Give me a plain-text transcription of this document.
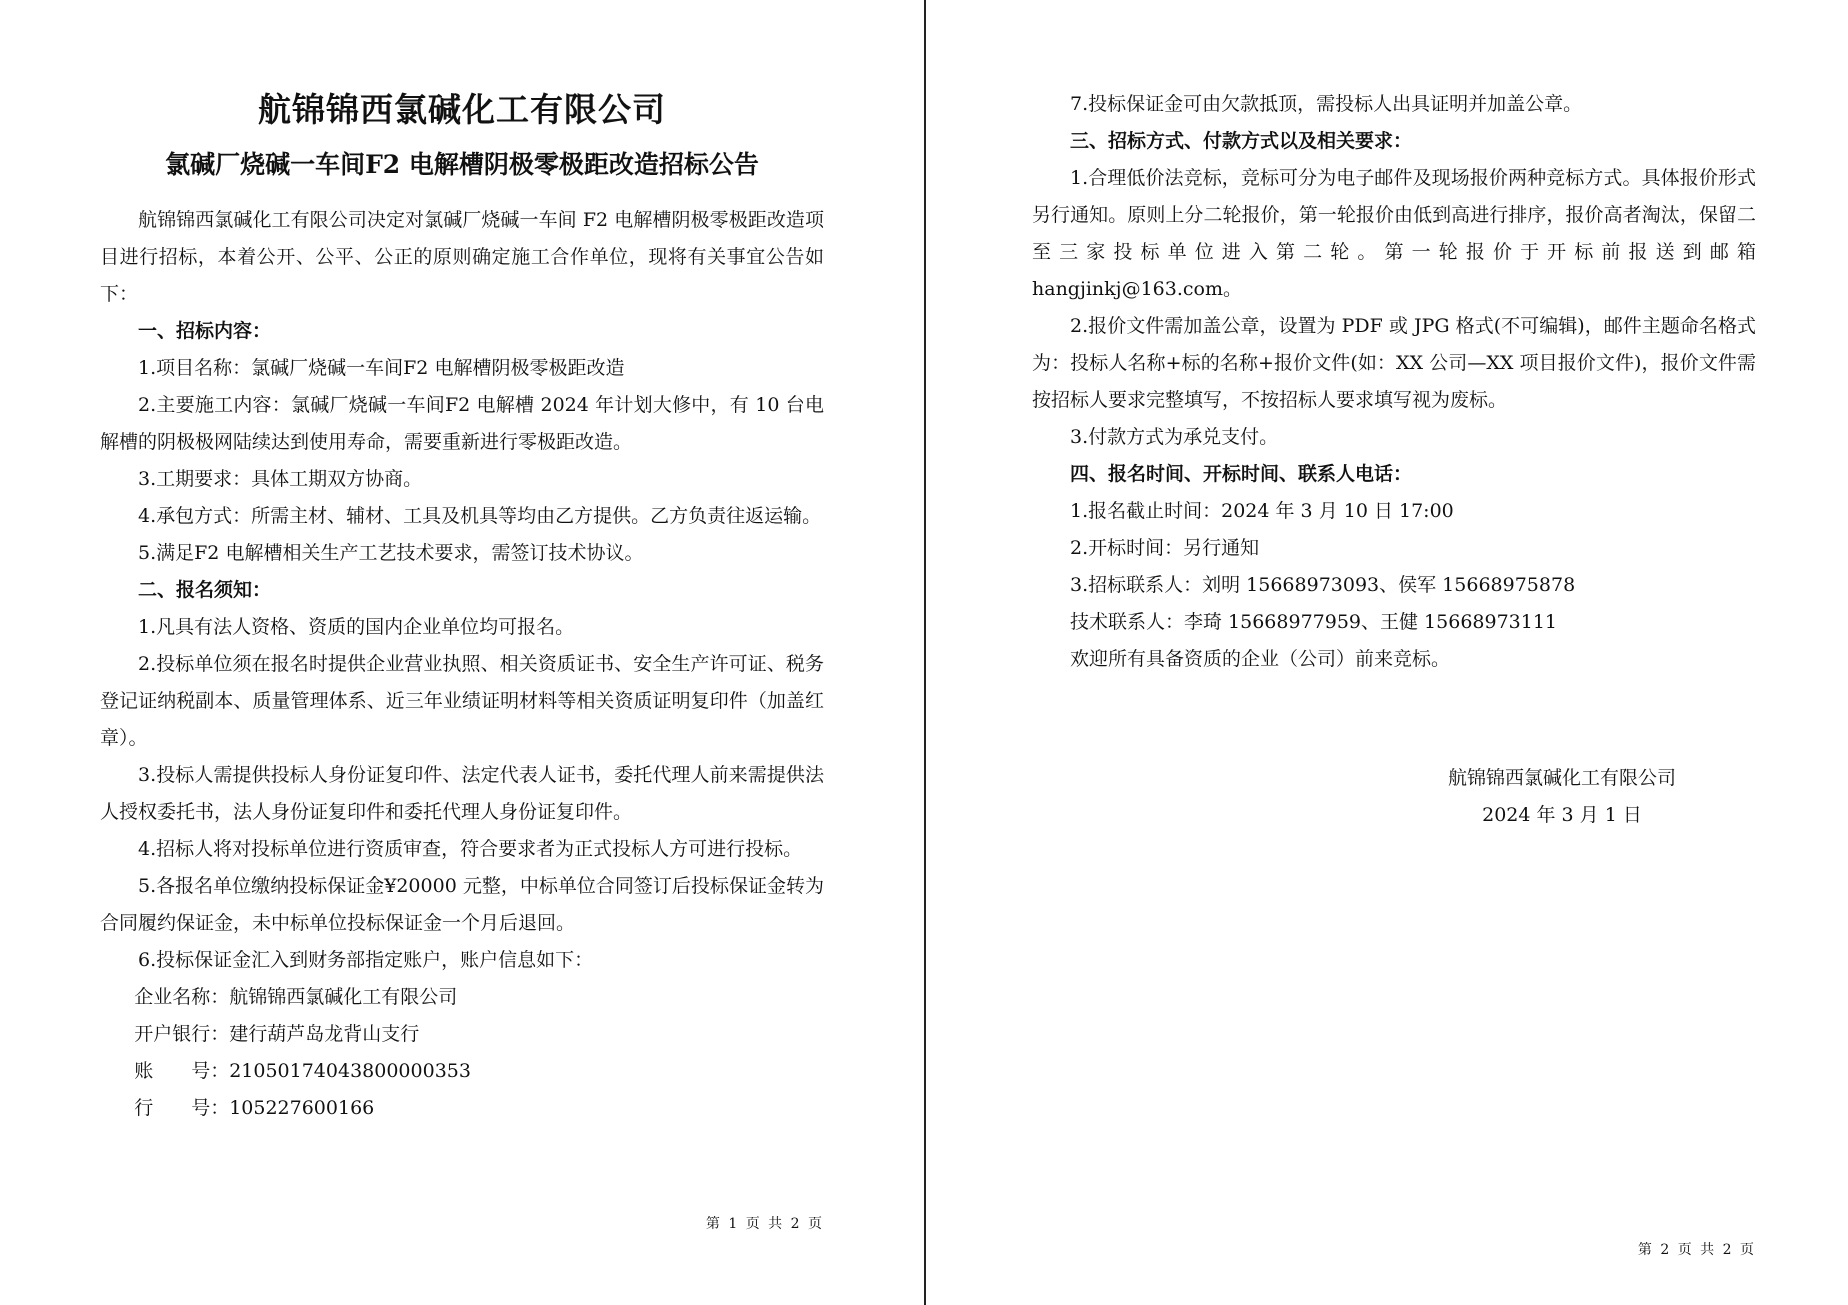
航锦锦西氯碱化工有限公司
氯碱厂烧碱一车间F2 电解槽阴极零极距改造招标公告

航锦锦西氯碱化工有限公司决定对氯碱厂烧碱一车间 F2 电解槽阴极零极距改造项目进行招标，本着公开、公平、公正的原则确定施工合作单位，现将有关事宜公告如下：

一、招标内容：

1.项目名称：氯碱厂烧碱一车间F2 电解槽阴极零极距改造

2.主要施工内容：氯碱厂烧碱一车间F2 电解槽 2024 年计划大修中，有 10 台电解槽的阴极极网陆续达到使用寿命，需要重新进行零极距改造。

3.工期要求：具体工期双方协商。

4.承包方式：所需主材、辅材、工具及机具等均由乙方提供。乙方负责往返运输。

5.满足F2 电解槽相关生产工艺技术要求，需签订技术协议。

二、报名须知：

1.凡具有法人资格、资质的国内企业单位均可报名。

2.投标单位须在报名时提供企业营业执照、相关资质证书、安全生产许可证、税务登记证纳税副本、质量管理体系、近三年业绩证明材料等相关资质证明复印件（加盖红章）。

3.投标人需提供投标人身份证复印件、法定代表人证书，委托代理人前来需提供法人授权委托书，法人身份证复印件和委托代理人身份证复印件。

4.招标人将对投标单位进行资质审查，符合要求者为正式投标人方可进行投标。

5.各报名单位缴纳投标保证金¥20000 元整，中标单位合同签订后投标保证金转为合同履约保证金，未中标单位投标保证金一个月后退回。

6.投标保证金汇入到财务部指定账户，账户信息如下：

企业名称：航锦锦西氯碱化工有限公司

开户银行：建行葫芦岛龙背山支行

账　　号：21050174043800000353

行　　号：105227600166

第 1 页 共 2 页

7.投标保证金可由欠款抵顶，需投标人出具证明并加盖公章。

三、招标方式、付款方式以及相关要求：

1.合理低价法竞标，竞标可分为电子邮件及现场报价两种竞标方式。具体报价形式另行通知。原则上分二轮报价，第一轮报价由低到高进行排序，报价高者淘汰，保留二至三家投标单位进入第二轮。第一轮报价于开标前报送到邮箱 hangjinkj@163.com。

2.报价文件需加盖公章，设置为 PDF 或 JPG 格式(不可编辑)，邮件主题命名格式为：投标人名称+标的名称+报价文件(如：XX 公司—XX 项目报价文件)，报价文件需按招标人要求完整填写，不按招标人要求填写视为废标。

3.付款方式为承兑支付。

四、报名时间、开标时间、联系人电话：

1.报名截止时间：2024 年 3 月 10 日 17:00

2.开标时间：另行通知

3.招标联系人：刘明 15668973093、侯军 15668975878

技术联系人：李琦 15668977959、王健 15668973111

欢迎所有具备资质的企业（公司）前来竞标。

航锦锦西氯碱化工有限公司
2024 年 3 月 1 日
第 2 页 共 2 页
